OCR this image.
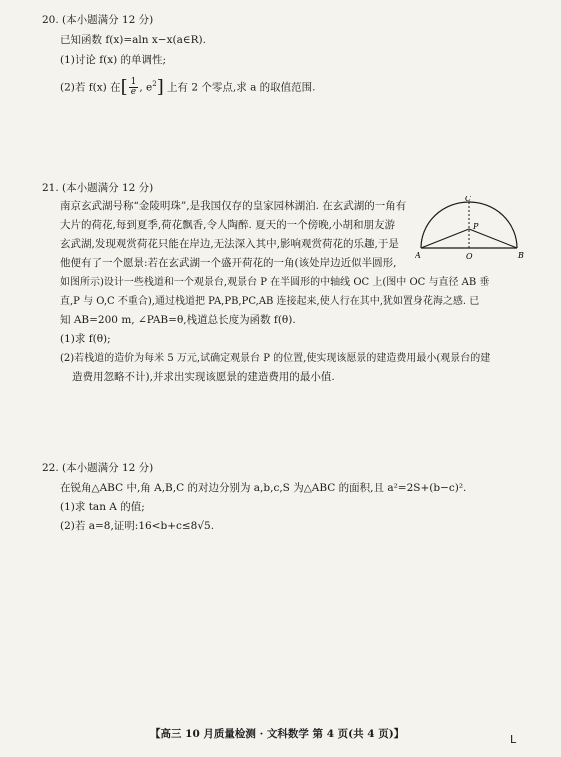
20. (本小题满分 12 分)
已知函数 f(x)=aln x−x(a∈R).
(1)讨论 f(x) 的单调性;
(2)若 f(x) 在[ $\frac{1}{e}$ , $e^2$] 上有 2 个零点,求 a 的取值范围.
21. (本小题满分 12 分)
南京玄武湖号称“金陵明珠”,是我国仅存的皇家园林湖泊. 在玄武湖的一角有
大片的荷花,每到夏季,荷花飘香,令人陶醉. 夏天的一个傍晚,小胡和朋友游
玄武湖,发现观赏荷花只能在岸边,无法深入其中,影响观赏荷花的乐趣,于是
他便有了一个愿景:若在玄武湖一个盛开荷花的一角(该处岸边近似半圆形,
如图所示)设计一些栈道和一个观景台,观景台 P 在半圆形的中轴线 OC 上(图中 OC 与直径 AB 垂
直,P 与 O,C 不重合),通过栈道把 PA,PB,PC,AB 连接起来,使人行在其中,犹如置身花海之感. 已
知 AB=200 m, ∠PAB=θ,栈道总长度为函数 f(θ).
(1)求 f(θ);
(2)若栈道的造价为每米 5 万元,试确定观景台 P 的位置,使实现该愿景的建造费用最小(观景台的建
造费用忽略不计),并求出实现该愿景的建造费用的最小值.
C
P
A	B
O
22. (本小题满分 12 分)
在锐角△ABC 中,角 A,B,C 的对边分别为 a,b,c,S 为△ABC 的面积,且 a²=2S+(b−c)².
(1)求 tan A 的值;
(2)若 a=8,证明:16<b+c≤8√5.
【高三 10 月质量检测 · 文科数学 第 4 页(共 4 页)】	L
